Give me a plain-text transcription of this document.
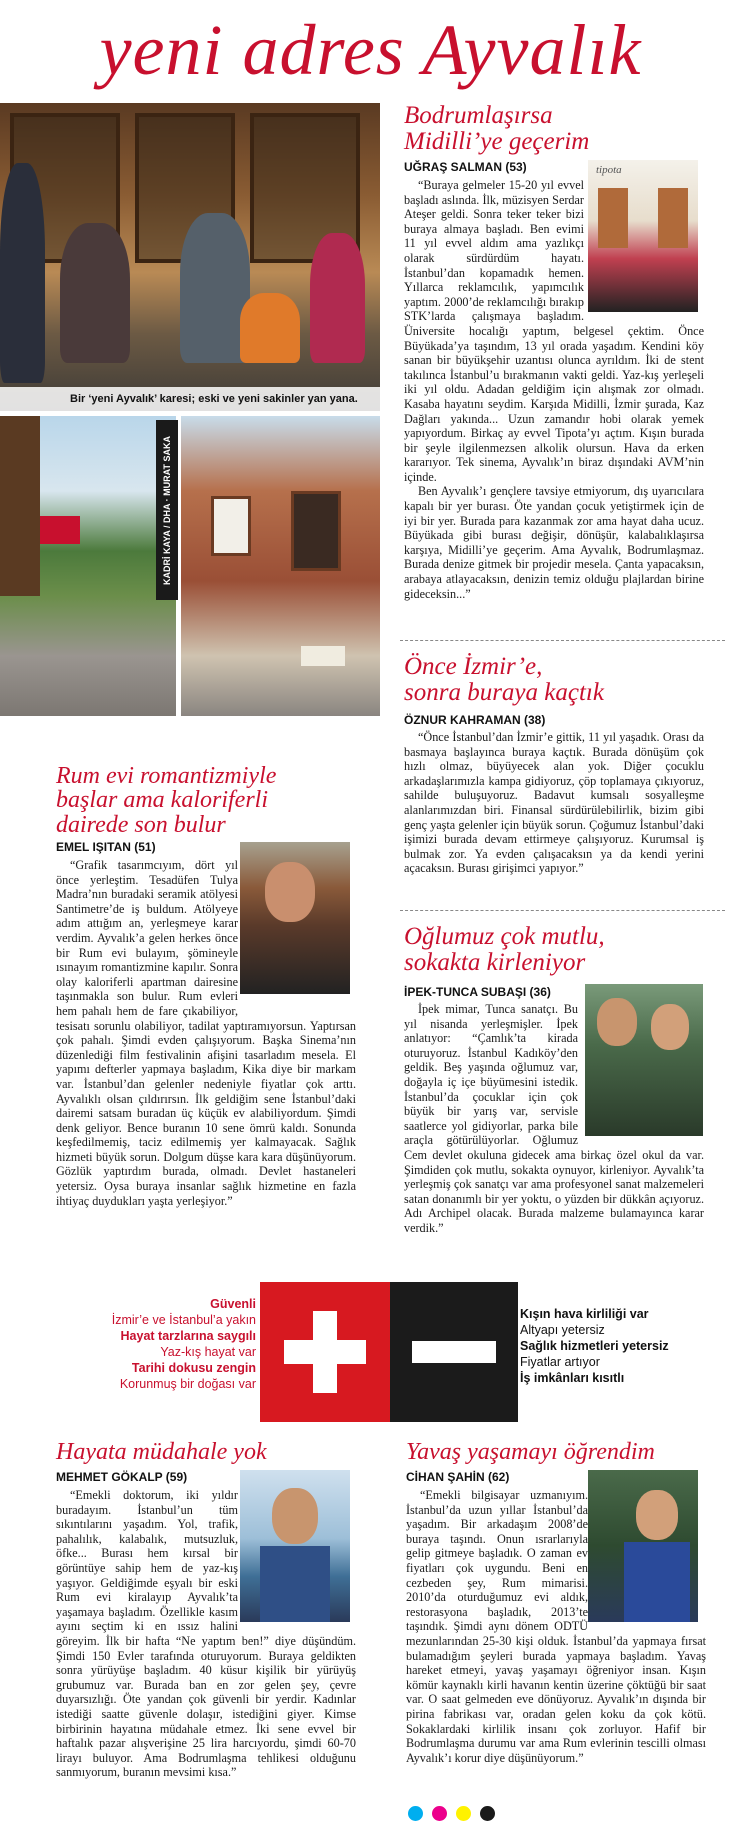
yeni adres Ayvalık
Bir ‘yeni Ayvalık’ karesi; eski ve yeni sakinler yan yana.
KADRİ KAYA / DHA · MURAT SAKA
Bodrumlaşırsa
Midilli’ye geçerim
UĞRAŞ SALMAN (53)	tipota

“Buraya gelmeler 15-20 yıl evvel başladı aslında. İlk, müzisyen Serdar Ateşer geldi. Sonra teker teker bizi buraya almaya başladı. Ben evimi 11 yıl evvel aldım ama yazlıkçı olarak sürdürdüm hayatı. İstanbul’dan kopamadık hemen. Yıllarca reklamcılık, yapımcılık yaptım. 2000’de reklamcılığı bırakıp STK’larda çalışmaya başladım. Üniversite hocalığı yaptım, belgesel çektim. Önce Büyükada’ya taşındım, 13 yıl orada yaşadım. Kendini köy sanan bir büyükşehir uzantısı olunca ayrıldım. İki de stent takılınca İstanbul’u bırakmanın vakti geldi. Yaz-kış yerleşeli iki yıl oldu. Adadan geldiğim için alışmak zor olmadı. Kasaba hayatını seydim. Karşıda Midilli, İzmir şurada, Kaz Dağları yakında... Uzun zamandır hobi olarak yemek yapıyordum. Birkaç ay evvel Tipota’yı açtım. Kışın burada bir şeyle ilgilenmezsen alkolik olursun. Hava da erken kararıyor. Tek sinema, Ayvalık’ın biraz dışındaki AVM’nin içinde.

Ben Ayvalık’ı gençlere tavsiye etmiyorum, dış uyarıcılara kapalı bir yer burası. Öte yandan çocuk yetiştirmek için de iyi bir yer. Burada para kazanmak zor ama hayat daha ucuz. Büyükada gibi burası değişir, dönüşür, kalabalıklaşırsa karşıya, Midilli’ye geçerim. Ama Ayvalık, Bodrumlaşmaz. Burada denize gitmek bir projedir mesela. Çanta yapacaksın, arabaya atlayacaksın, denizin temiz olduğu plajlardan birine gideceksin...”

Önce İzmir’e,
sonra buraya kaçtık
ÖZNUR KAHRAMAN (38)

“Önce İstanbul’dan İzmir’e gittik, 11 yıl yaşadık. Orası da basmaya başlayınca buraya kaçtık. Burada dönüşüm çok hızlı olmaz, büyüyecek alan yok. Diğer çocuklu arkadaşlarımızla kampa gidiyoruz, çöp toplamaya çıkıyoruz, sahilde buluşuyoruz. Badavut kumsalı sosyalleşme alanlarımızdan biri. Finansal sürdürülebilirlik, bizim gibi genç yaşta gelenler için büyük sorun. Çoğumuz İstanbul’daki işimizi burada devam ettirmeye çalışıyoruz. Kurumsal iş bulmak zor. Ya evden çalışacaksın ya da kendi yerini açacaksın. Burası girişimci yapıyor.”

Rum evi romantizmiyle
başlar ama kaloriferli
dairede son bulur
EMEL IŞITAN (51)

“Grafik tasarımcıyım, dört yıl önce yerleştim. Tesadüfen Tulya Madra’nın buradaki seramik atölyesi Santimetre’de iş buldum. Atölyeye adım attığım an, yerleşmeye karar verdim. Ayvalık’a gelen herkes önce bir Rum evi bulayım, şömineyle ısınayım romantizmine kapılır. Sonra olay kaloriferli apartman dairesine taşınmakla son bulur. Rum evleri hem pahalı hem de fare çıkabiliyor, tesisatı sorunlu olabiliyor, tadilat yaptıramıyorsun. Yaptırsan çok pahalı. Şimdi evden çalışıyorum. Başka Sinema’nın düzenlediği film festivalinin afişini tasarladım mesela. El yapımı defterler yapmaya başladım, Kika diye bir markam var. İstanbul’dan gelenler nedeniyle fiyatlar çok arttı. Ayvalıklı olsan çıldırırsın. İlk geldiğim sene İstanbul’daki dairemi satsam buradan üç küçük ev alabiliyordum. Şimdi denk geliyor. Bence buranın 10 sene ömrü kaldı. Sonunda keşfedilmemiş, taciz edilmemiş yer kalmayacak. Sağlık hizmeti büyük sorun. Dolgum düşse kara kara düşünüyorum. Gözlük yaptırdım burada, olmadı. Devlet hastaneleri yetersiz. Oysa buraya insanlar sağlık hizmetine en fazla ihtiyaç duydukları yaşta yerleşiyor.”

Oğlumuz çok mutlu,
sokakta kirleniyor
İPEK-TUNCA SUBAŞI (36)

İpek mimar, Tunca sanatçı. Bu yıl nisanda yerleşmişler. İpek anlatıyor: “Çamlık’ta kirada oturuyoruz. İstanbul Kadıköy’den geldik. Beş yaşında oğlumuz var, doğayla iç içe büyümesini istedik. İstanbul’da çocuklar için çok büyük bir yarış var, servisle saatlerce yol gidiyorlar, parka bile araçla götürülüyorlar. Oğlumuz Cem devlet okuluna gidecek ama birkaç özel okul da var. Şimdiden çok mutlu, sokakta oynuyor, kirleniyor. Ayvalık’ta yerleşmiş çok sanatçı var ama profesyonel sanat malzemeleri satan donanımlı bir yer yoktu, o yüzden bir dükkân açıyoruz. Adı Archipel olacak. Burada malzeme bulamayınca karar verdik.”

Güvenli
İzmir’e ve İstanbul’a yakın
Hayat tarzlarına saygılı
Yaz-kış hayat var
Tarihi dokusu zengin
Korunmuş bir doğası var
Kışın hava kirliliği var
Altyapı yetersiz
Sağlık hizmetleri yetersiz
Fiyatlar artıyor
İş imkânları kısıtlı
Hayata müdahale yok
MEHMET GÖKALP (59)

“Emekli doktorum, iki yıldır buradayım. İstanbul’un tüm sıkıntılarını yaşadım. Yol, trafik, pahalılık, kalabalık, mutsuzluk, öfke... Burası hem kırsal bir görüntüye sahip hem de yaz-kış yaşıyor. Geldiğimde eşyalı bir eski Rum evi kiralayıp Ayvalık’ta yaşamaya başladım. Özellikle kasım ayını seçtim ki en ıssız halini göreyim. İlk bir hafta “Ne yaptım ben!” diye düşündüm. Şimdi 150 Evler tarafında oturuyorum. Buraya geldikten sonra yürüyüşe başladım. 40 küsur kişilik bir yürüyüş grubumuz var. Burada ban en zor gelen şey, çevre duyarsızlığı. Öte yandan çok güvenli bir yerdir. Kadınlar istediği saatte güvenle dolaşır, istediğini giyer. Kimse birbirinin hayatına müdahale etmez. İki sene evvel bir haftalık pazar alışverişine 25 lira harcıyordu, şimdi 60-70 lirayı buluyor. Ama Bodrumlaşma tehlikesi olduğunu sanmıyorum, buranın mevsimi kısa.”

Yavaş yaşamayı öğrendim
CİHAN ŞAHİN (62)

“Emekli bilgisayar uzmanıyım. İstanbul’da uzun yıllar İstanbul’da yaşadım. Bir arkadaşım 2008’de buraya taşındı. Onun ısrarlarıyla gelip gitmeye başladık. O zaman ev fiyatları çok uygundu. Beni en cezbeden şey, Rum mimarisi. 2010’da oturduğumuz evi aldık, restorasyona başladık, 2013’te taşındık. Şimdi aynı dönem ODTÜ mezunlarından 25-30 kişi olduk. İstanbul’da yapmaya fırsat bulamadığım şeyleri burada yapmaya başladım. Yavaş hareket etmeyi, yavaş yaşamayı öğreniyor insan. Kışın kömür kaynaklı kirli havanın kentin üzerine çöktüğü bir saat var. O saat gelmeden eve dönüyoruz. Ayvalık’ın dışında bir pirina fabrikası var, oradan gelen koku da çok kötü. Sokaklardaki kirlilik insanı çok zorluyor. Hafif bir Bodrumlaşma durumu var ama Rum evlerinin tescilli olması Ayvalık’ı korur diye düşünüyorum.”
